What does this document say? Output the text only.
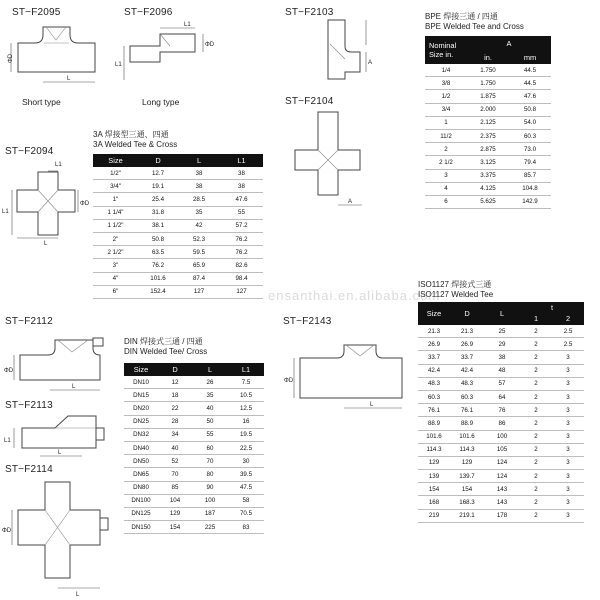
ST−F2095	ST−F2096	ST−F2103
ST−F2104
ST−F2094
ST−F2112
ST−F2113
ST−F2114
ST−F2143
Short type	Long type
ΦD
L
L1
L1
ΦD
A
A
L1
L1
ΦD
L
ΦD
L
L1
L
ΦD
L
ΦD
L
BPE 焊接三通 / 四通
BPE Welded Tee and Cross
Nominal
Size in.	A	
	in.	mm
1/4	1.750	44.5
3/8	1.750	44.5
1/2	1.875	47.6
3/4	2.000	50.8
1	2.125	54.0
11/2	2.375	60.3
2	2.875	73.0
2 1/2	3.125	79.4
3	3.375	85.7
4	4.125	104.8
6	5.625	142.9
3A 焊接型三通、四通
3A Welded Tee & Cross
Size	D	L	L1
1/2"	12.7	38	38
3/4"	19.1	38	38
1"	25.4	28.5	47.6
1 1/4"	31.8	35	55
1 1/2"	38.1	42	57.2
2"	50.8	52.3	76.2
2 1/2"	63.5	59.5	76.2
3"	76.2	65.9	82.6
4"	101.6	87.4	98.4
6"	152.4	127	127
DIN 焊接式三通 / 四通
DIN Welded Tee/ Cross
Size	D	L	L1
DN10	12	26	7.5
DN15	18	35	10.5
DN20	22	40	12.5
DN25	28	50	16
DN32	34	55	19.5
DN40	40	60	22.5
DN50	52	70	30
DN65	70	80	39.5
DN80	85	90	47.5
DN100	104	100	58
DN125	129	187	70.5
DN150	154	225	83
ISO1127 焊接式三通
ISO1127 Welded Tee
Size	D	L	t	
			1	2
21.3	21.3	25	2	2.5
26.9	26.9	29	2	2.5
33.7	33.7	38	2	3
42.4	42.4	48	2	3
48.3	48.3	57	2	3
60.3	60.3	64	2	3
76.1	76.1	76	2	3
88.9	88.9	86	2	3
101.6	101.6	100	2	3
114.3	114.3	105	2	3
129	129	124	2	3
139	139.7	124	2	3
154	154	143	2	3
168	168.3	143	2	3
219	219.1	178	2	3
ensanthai.en.alibaba.com
